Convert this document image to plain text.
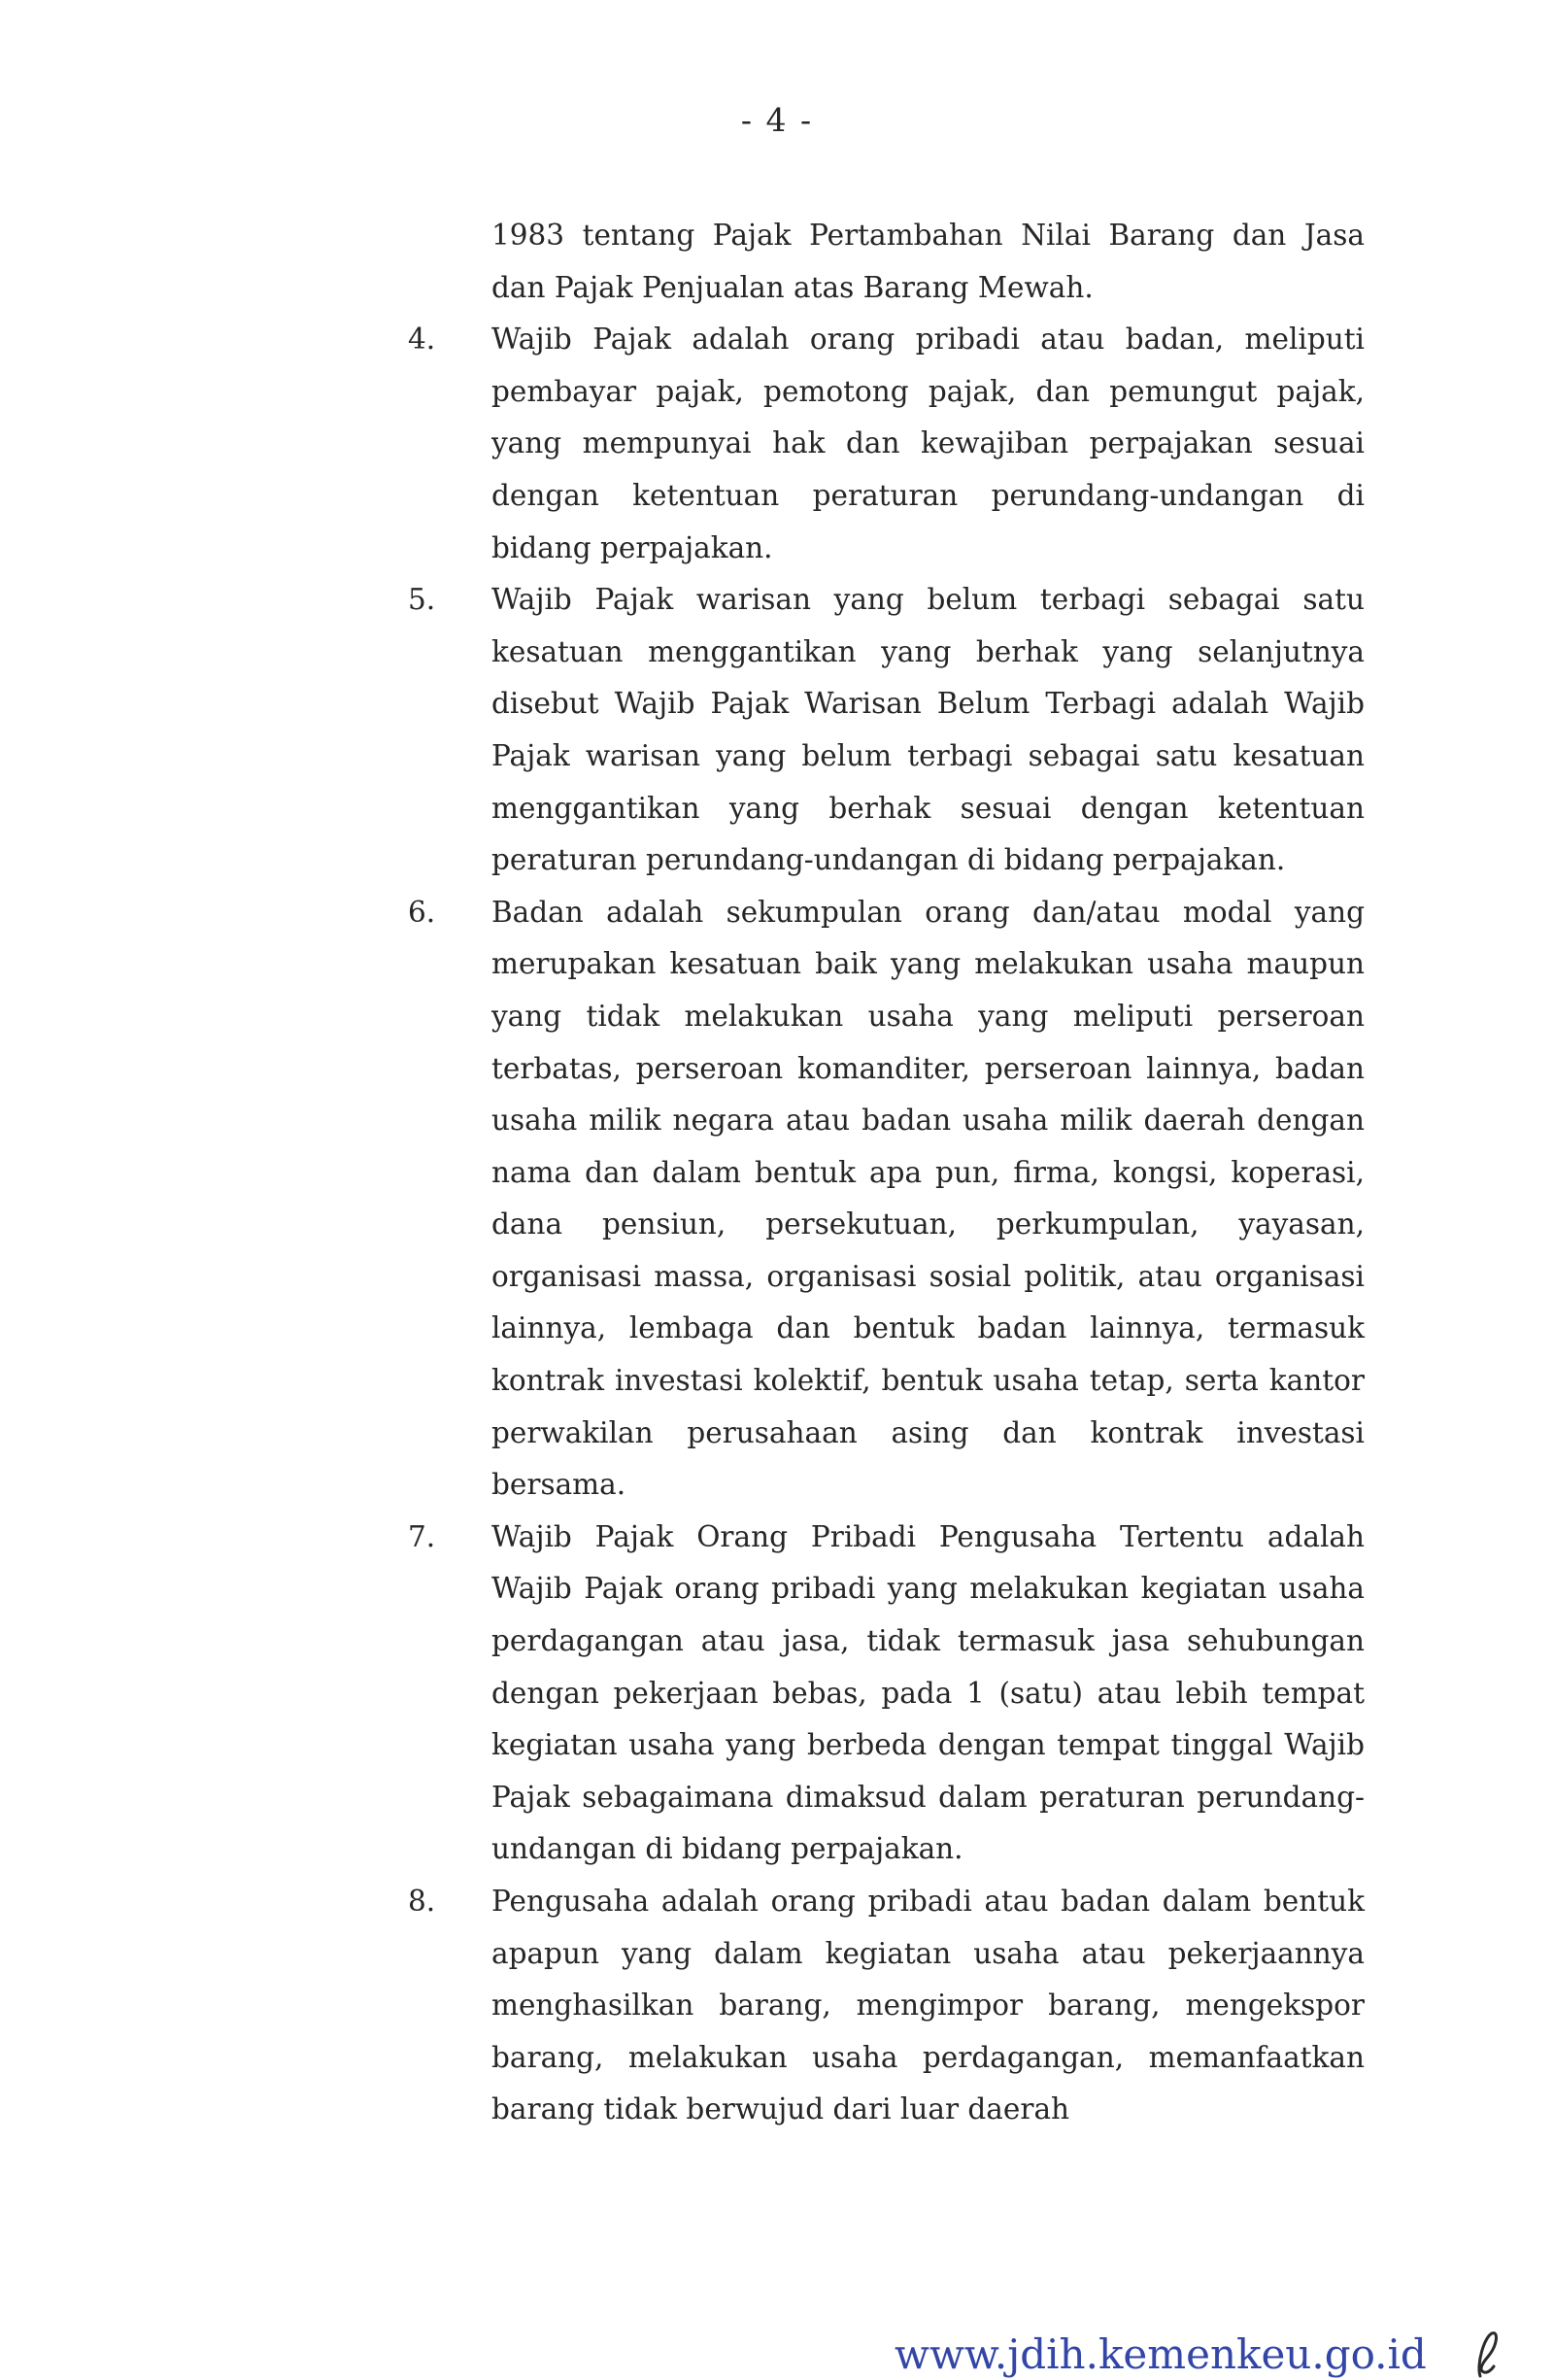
- 4 -

1983 tentang Pajak Pertambahan Nilai Barang dan Jasa dan Pajak Penjualan atas Barang Mewah.

4.	Wajib Pajak adalah orang pribadi atau badan, meliputi pembayar pajak, pemotong pajak, dan pemungut pajak, yang mempunyai hak dan kewajiban perpajakan sesuai dengan ketentuan peraturan perundang-undangan di bidang perpajakan.

5.	Wajib Pajak warisan yang belum terbagi sebagai satu kesatuan menggantikan yang berhak yang selanjutnya disebut Wajib Pajak Warisan Belum Terbagi adalah Wajib Pajak warisan yang belum terbagi sebagai satu kesatuan menggantikan yang berhak sesuai dengan ketentuan peraturan perundang-undangan di bidang perpajakan.

6.	Badan adalah sekumpulan orang dan/atau modal yang merupakan kesatuan baik yang melakukan usaha maupun yang tidak melakukan usaha yang meliputi perseroan terbatas, perseroan komanditer, perseroan lainnya, badan usaha milik negara atau badan usaha milik daerah dengan nama dan dalam bentuk apa pun, firma, kongsi, koperasi, dana pensiun, persekutuan, perkumpulan, yayasan, organisasi massa, organisasi sosial politik, atau organisasi lainnya, lembaga dan bentuk badan lainnya, termasuk kontrak investasi kolektif, bentuk usaha tetap, serta kantor perwakilan perusahaan asing dan kontrak investasi bersama.

7.	Wajib Pajak Orang Pribadi Pengusaha Tertentu adalah Wajib Pajak orang pribadi yang melakukan kegiatan usaha perdagangan atau jasa, tidak termasuk jasa sehubungan dengan pekerjaan bebas, pada 1 (satu) atau lebih tempat kegiatan usaha yang berbeda dengan tempat tinggal Wajib Pajak sebagaimana dimaksud dalam peraturan perundang-undangan di bidang perpajakan.

8.	Pengusaha adalah orang pribadi atau badan dalam bentuk apapun yang dalam kegiatan usaha atau pekerjaannya menghasilkan barang, mengimpor barang, mengekspor barang, melakukan usaha perdagangan, memanfaatkan barang tidak berwujud dari luar daerah

www.jdih.kemenkeu.go.id
